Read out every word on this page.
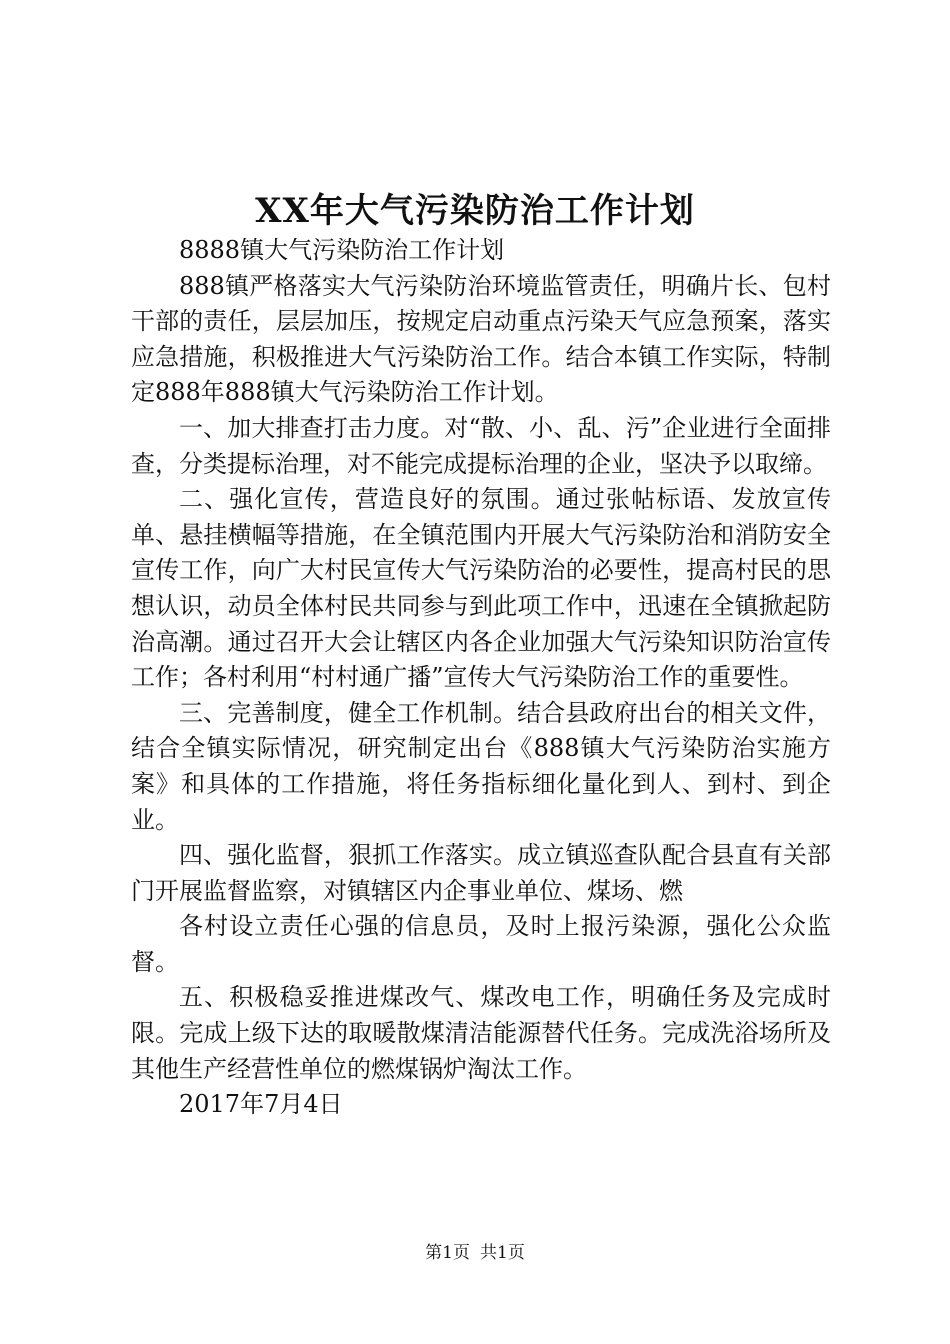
XX年大气污染防治工作计划

8888镇大气污染防治工作计划

888镇严格落实大气污染防治环境监管责任，明确片长、包村干部的责任，层层加压，按规定启动重点污染天气应急预案，落实应急措施，积极推进大气污染防治工作。结合本镇工作实际，特制定888年888镇大气污染防治工作计划。

一、加大排查打击力度。对“散、小、乱、污”企业进行全面排查，分类提标治理，对不能完成提标治理的企业，坚决予以取缔。

二、强化宣传，营造良好的氛围。通过张帖标语、发放宣传单、悬挂横幅等措施，在全镇范围内开展大气污染防治和消防安全宣传工作，向广大村民宣传大气污染防治的必要性，提高村民的思想认识，动员全体村民共同参与到此项工作中，迅速在全镇掀起防治高潮。通过召开大会让辖区内各企业加强大气污染知识防治宣传工作；各村利用“村村通广播”宣传大气污染防治工作的重要性。

三、完善制度，健全工作机制。结合县政府出台的相关文件，结合全镇实际情况，研究制定出台《888镇大气污染防治实施方案》和具体的工作措施，将任务指标细化量化到人、到村、到企业。

四、强化监督，狠抓工作落实。成立镇巡查队配合县直有关部门开展监督监察，对镇辖区内企事业单位、煤场、燃

各村设立责任心强的信息员，及时上报污染源，强化公众监督。

五、积极稳妥推进煤改气、煤改电工作，明确任务及完成时限。完成上级下达的取暖散煤清洁能源替代任务。完成洗浴场所及其他生产经营性单位的燃煤锅炉淘汰工作。

2017年7月4日

第1页 共1页
